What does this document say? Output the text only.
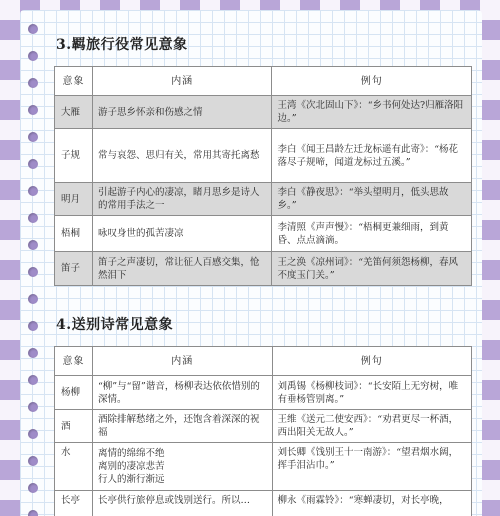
3.羁旅行役常见意象
意象	内涵	例句
大雁	游子思乡怀亲和伤感之情	王湾《次北固山下》：“乡书何处达?归雁洛阳边。”
子规	常与哀怨、思归有关，常用其寄托离愁	李白《闻王昌龄左迁龙标遥有此寄》：“杨花落尽子规啼，闻道龙标过五溪。”
明月	引起游子内心的凄凉，睹月思乡是诗人的常用手法之一	李白《静夜思》：“举头望明月，低头思故乡。”
梧桐	咏叹身世的孤苦凄凉	李清照《声声慢》：“梧桐更兼细雨，到黄昏、点点滴滴。
笛子	笛子之声凄切，常让征人百感交集，怆然泪下	王之涣《凉州词》：“羌笛何须怨杨柳，春风不度玉门关。”
4.送别诗常见意象
意象	内涵	例句
杨柳	“柳”与“留”谐音，杨柳表达依依惜别的深情。	刘禹锡《杨柳枝词》：“长安陌上无穷树，唯有垂杨管别离。”
酒	酒除排解愁绪之外，还饱含着深深的祝福	王维《送元二使安西》：“劝君更尽一杯酒，西出阳关无故人。”
水	离情的绵绵不绝
离别的凄凉悲苦
行人的渐行渐远	刘长卿《饯别王十一南游》：“望君烟水阔，挥手泪沾巾。”
长亭	长亭供行旅停息或饯别送行。所以…	柳永《雨霖铃》：“寒蝉凄切，对长亭晚，
